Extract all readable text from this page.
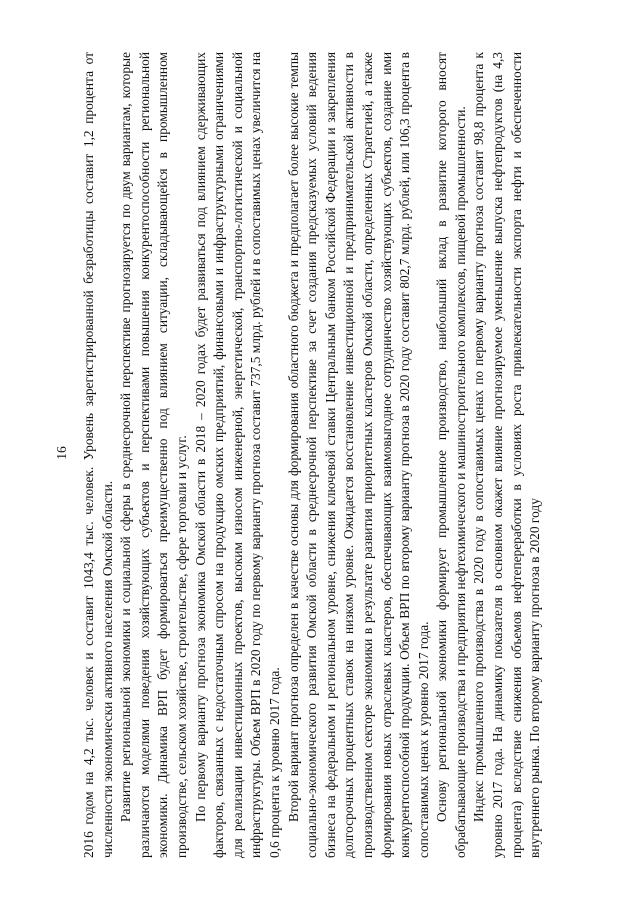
16 2016 годом на 4,2 тыс. человек и составит 1043,4 тыс. человек. Уровень зарегистрированной безработицы составит 1,2 процента от численности экономически активного населения Омской области. Развитие региональной экономики и социальной сферы в среднесрочной перспективе прогнозируется по двум вариантам, которые различаются моделями поведения хозяйствующих субъектов и перспективами повышения конкурентоспособности региональной экономики. Динамика ВРП будет формироваться преимущественно под влиянием ситуации, складывающейся в промышленном производстве, сельском хозяйстве, строительстве, сфере торговли и услуг. По первому варианту прогноза экономика Омской области в 2018 – 2020 годах будет развиваться под влиянием сдерживающих факторов, связанных с недостаточным спросом на продукцию омских предприятий, финансовыми и инфраструктурными ограничениями для реализации инвестиционных проектов, высоким износом инженерной, энергетической, транспортно-логистической и социальной инфраструктуры. Объем ВРП в 2020 году по первому варианту прогноза составит 737,5 млрд. рублей и в сопоставимых ценах увеличится на 0,6 процента к уровню 2017 года. Второй вариант прогноза определен в качестве основы для формирования областного бюджета и предполагает более высокие темпы социально-экономического развития Омской области в среднесрочной перспективе за счет создания предсказуемых условий ведения бизнеса на федеральном и региональном уровне, снижения ключевой ставки Центральным банком Российской Федерации и закрепления долгосрочных процентных ставок на низком уровне. Ожидается восстановление инвестиционной и предпринимательской активности в производственном секторе экономики в результате развития приоритетных кластеров Омской области, определенных Стратегией, а также формирования новых отраслевых кластеров, обеспечивающих взаимовыгодное сотрудничество хозяйствующих субъектов, создание ими конкурентоспособной продукции. Объем ВРП по второму варианту прогноза в 2020 году составит 802,7 млрд. рублей, или 106,3 процента в сопоставимых ценах к уровню 2017 года. Основу региональной экономики формирует промышленное производство, наибольший вклад в развитие которого вносят обрабатывающие производства и предприятия нефтехимического и машиностроительного комплексов, пищевой промышленности. Индекс промышленного производства в 2020 году в сопоставимых ценах по первому варианту прогноза составит 98,8 процента к уровню 2017 года. На динамику показателя в основном окажет влияние прогнозируемое уменьшение выпуска нефтепродуктов (на 4,3 процента) вследствие снижения объемов нефтепереработки в условиях роста привлекательности экспорта нефти и обеспеченности внутреннего рынка. По второму варианту прогноза в 2020 году
